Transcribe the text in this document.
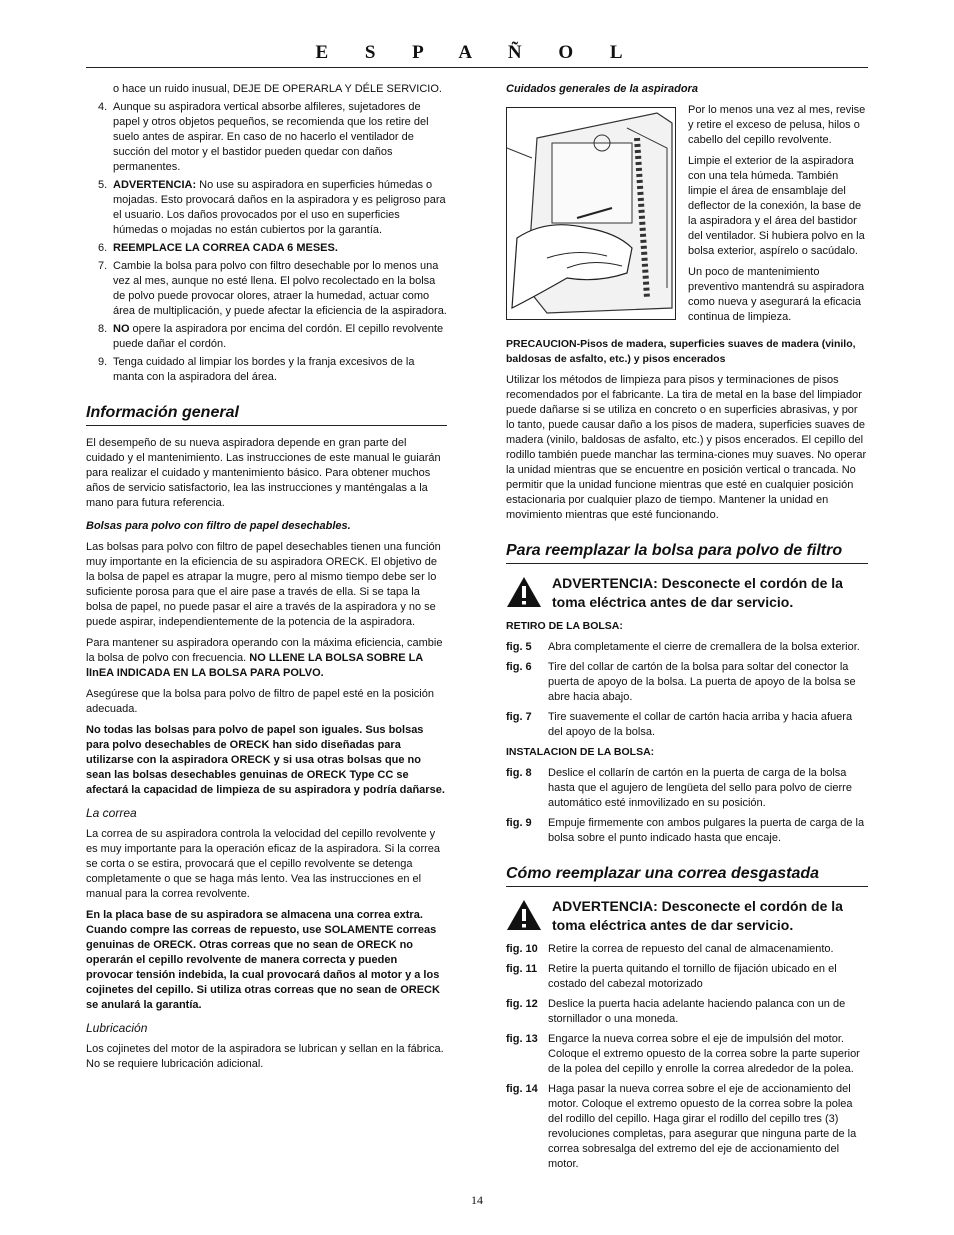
E S P A Ñ O L
o hace un ruido inusual, DEJE DE OPERARLA Y DÉLE SERVICIO.
4. Aunque su aspiradora vertical absorbe alfileres, sujetadores de papel y otros objetos pequeños, se recomienda que los retire del suelo antes de aspirar. En caso de no hacerlo el ventilador de succión del motor y el bastidor pueden quedar con daños permanentes.
5. ADVERTENCIA: No use su aspiradora en superficies húmedas o mojadas. Esto provocará daños en la aspiradora y es peligroso para el usuario. Los daños provocados por el uso en superficies húmedas o mojadas no están cubiertos por la garantía.
6. REEMPLACE LA CORREA CADA 6 MESES.
7. Cambie la bolsa para polvo con filtro desechable por lo menos una vez al mes, aunque no esté llena. El polvo recolectado en la bolsa de polvo puede provocar olores, atraer la humedad, actuar como área de multiplicación, y puede afectar la eficiencia de la aspiradora.
8. NO opere la aspiradora por encima del cordón. El cepillo revolvente puede dañar el cordón.
9. Tenga cuidado al limpiar los bordes y la franja excesivos de la manta con la aspiradora del área.
Información general

El desempeño de su nueva aspiradora depende en gran parte del cuidado y el mantenimiento. Las instrucciones de este manual le guiarán para realizar el cuidado y mantenimiento básico. Para obtener muchos años de servicio satisfactorio, lea las instrucciones y manténgalas a la mano para futura referencia.

Bolsas para polvo con filtro de papel desechables.

Las bolsas para polvo con filtro de papel desechables tienen una función muy importante en la eficiencia de su aspiradora ORECK. El objetivo de la bolsa de papel es atrapar la mugre, pero al mismo tiempo debe ser lo suficiente porosa para que el aire pase a través de ella. Si se tapa la bolsa de papel, no puede pasar el aire a través de la aspiradora y no se puede aspirar, independientemente de la potencia de la aspiradora.

Para mantener su aspiradora operando con la máxima eficiencia, cambie la bolsa de polvo con frecuencia. NO LLENE LA BOLSA SOBRE LA lInEA INDICADA EN LA BOLSA PARA POLVO.

Asegúrese que la bolsa para polvo de filtro de papel esté en la posición adecuada.

No todas las bolsas para polvo de papel son iguales. Sus bolsas para polvo desechables de ORECK han sido diseñadas para utilizarse con la aspiradora ORECK y si usa otras bolsas que no sean las bolsas desechables genuinas de ORECK Type CC se afectará la capacidad de limpieza de su aspiradora y podría dañarse.

La correa

La correa de su aspiradora controla la velocidad del cepillo revolvente y es muy importante para la operación eficaz de la aspiradora. Si la correa se corta o se estira, provocará que el cepillo revolvente se detenga completamente o que se haga más lento. Vea las instrucciones en el manual para la correa revolvente.

En la placa base de su aspiradora se almacena una correa extra. Cuando compre las correas de repuesto, use SOLAMENTE correas genuinas de ORECK. Otras correas que no sean de ORECK no operarán el cepillo revolvente de manera correcta y pueden provocar tensión indebida, la cual provocará daños al motor y a los cojinetes del cepillo. Si utiliza otras correas que no sean de ORECK se anulará la garantía.

Lubricación

Los cojinetes del motor de la aspiradora se lubrican y sellan en la fábrica. No se requiere lubricación adicional.

Cuidados generales de la aspiradora

Por lo menos una vez al mes, revise y retire el exceso de pelusa, hilos o cabello del cepillo revolvente.

Limpie el exterior de la aspiradora con una tela húmeda. También limpie el área de ensamblaje del deflector de la conexión, la base de la aspiradora y el área del bastidor del ventilador. Si hubiera polvo en la bolsa exterior, aspírelo o sacúdalo.

Un poco de mantenimiento preventivo mantendrá su aspiradora como nueva y asegurará la eficacia continua de limpieza.

PRECAUCION-Pisos de madera, superficies suaves de madera (vinilo, baldosas de asfalto, etc.) y pisos encerados

Utilizar los métodos de limpieza para pisos y terminaciones de pisos recomendados por el fabricante. La tira de metal en la base del limpiador puede dañarse si se utiliza en concreto o en superficies abrasivas, y por lo tanto, puede causar daño a los pisos de madera, superficies suaves de madera (vinilo, baldosas de asfalto, etc.) y pisos encerados. El cepillo del rodillo también puede manchar las termina-ciones muy suaves. No operar la unidad mientras que se encuentre en posición vertical o trancada. No permitir que la unidad funcione mientras que esté en cualquier posición estacionaria por cualquier plazo de tiempo. Mantener la unidad en movimiento mientras que esté funcionando.

Para reemplazar la bolsa para polvo de filtro
ADVERTENCIA: Desconecte el cordón de la toma eléctrica antes de dar servicio.
RETIRO DE LA BOLSA:
fig. 5	Abra completamente el cierre de cremallera de la bolsa exterior.
fig. 6	Tire del collar de cartón de la bolsa para soltar del conector la puerta de apoyo de la bolsa. La puerta de apoyo de la bolsa se abre hacia abajo.
fig. 7	Tire suavemente el collar de cartón hacia arriba y hacia afuera del apoyo de la bolsa.
INSTALACION DE LA BOLSA:
fig. 8	Deslice el collarín de cartón en la puerta de carga de la bolsa hasta que el agujero de lengüeta del sello para polvo de cierre automático esté inmovilizado en su posición.
fig. 9	Empuje firmemente con ambos pulgares la puerta de carga de la bolsa sobre el punto indicado hasta que encaje.
Cómo reemplazar una correa desgastada
ADVERTENCIA: Desconecte el cordón de la toma eléctrica antes de dar servicio.
fig. 10 Retire la correa de repuesto del canal de almacenamiento.
fig. 11 Retire la puerta quitando el tornillo de fijación ubicado en el costado del cabezal motorizado
fig. 12 Deslice la puerta hacia adelante haciendo palanca con un de stornillador o una moneda.
fig. 13 Engarce la nueva correa sobre el eje de impulsión del motor. Coloque el extremo opuesto de la correa sobre la parte superior de la polea del cepillo y enrolle la correa alrededor de la polea.
fig. 14 Haga pasar la nueva correa sobre el eje de accionamiento del motor. Coloque el extremo opuesto de la correa sobre la polea del rodillo del cepillo. Haga girar el rodillo del cepillo tres (3) revoluciones completas, para asegurar que ninguna parte de la correa sobresalga del extremo del eje de accionamiento del motor.
14
